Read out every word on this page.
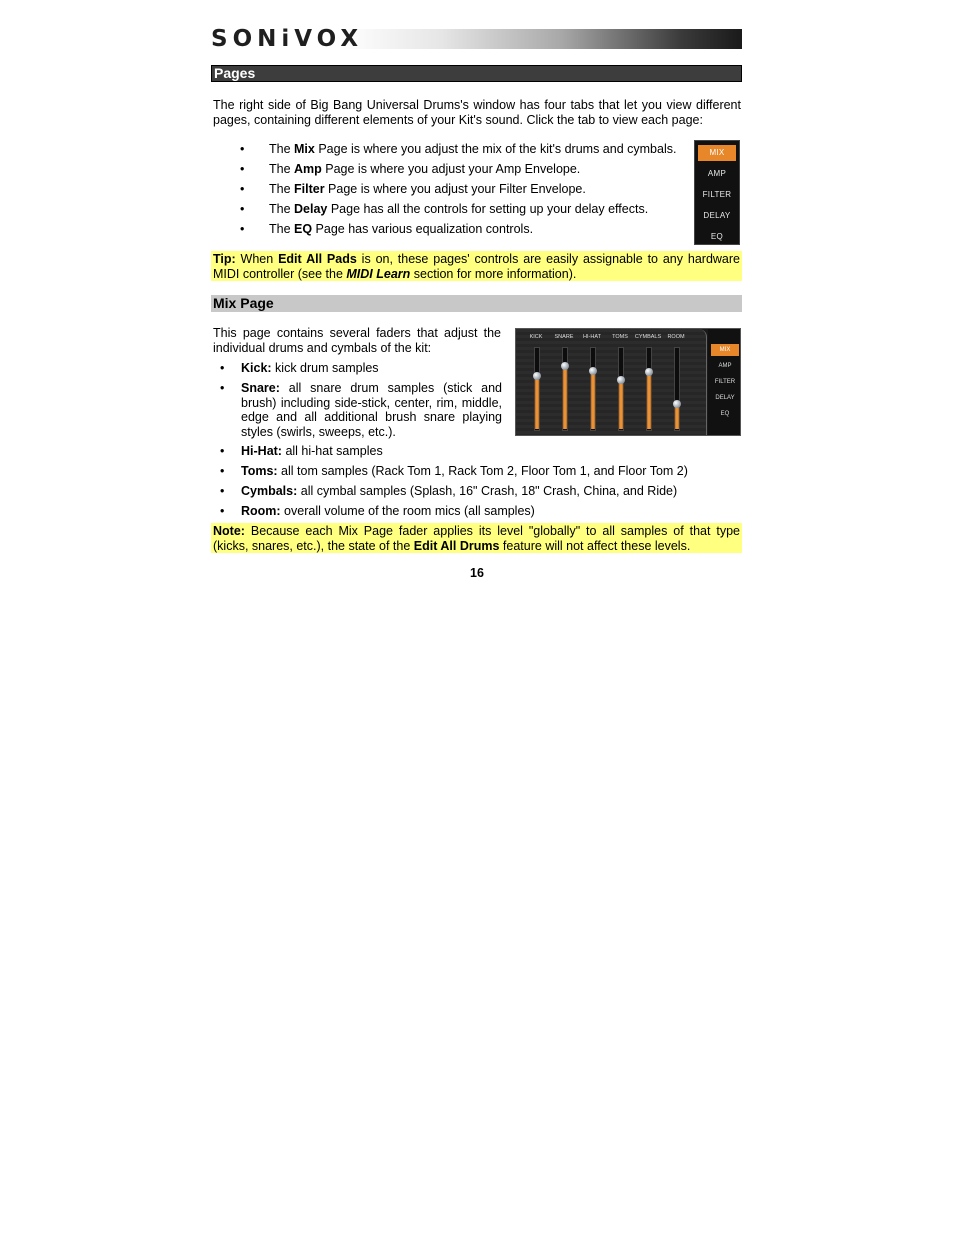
SONiVOX
Pages
The right side of Big Bang Universal Drums's window has four tabs that let you view different pages, containing different elements of your Kit's sound. Click the tab to view each page:
• The Mix Page is where you adjust the mix of the kit's drums and cymbals.
• The Amp Page is where you adjust your Amp Envelope.
• The Filter Page is where you adjust your Filter Envelope.
• The Delay Page has all the controls for setting up your delay effects.
• The EQ Page has various equalization controls.
MIX
AMP
FILTER
DELAY
EQ
Tip: When Edit All Pads is on, these pages' controls are easily assignable to any hardware MIDI controller (see the MIDI Learn section for more information).
Mix Page
This page contains several faders that adjust the individual drums and cymbals of the kit:
• Kick: kick drum samples
• Snare: all snare drum samples (stick and brush) including side-stick, center, rim, middle, edge and all additional brush snare playing styles (swirls, sweeps, etc.).
• Hi-Hat: all hi-hat samples
• Toms: all tom samples (Rack Tom 1, Rack Tom 2, Floor Tom 1, and Floor Tom 2)
• Cymbals: all cymbal samples (Splash, 16" Crash, 18" Crash, China, and Ride)
• Room: overall volume of the room mics (all samples)
KICK	SNARE	HI-HAT	TOMS	CYMBALS	ROOM
MIX
AMP
FILTER
DELAY
EQ
Note: Because each Mix Page fader applies its level "globally" to all samples of that type (kicks, snares, etc.), the state of the Edit All Drums feature will not affect these levels.
16
